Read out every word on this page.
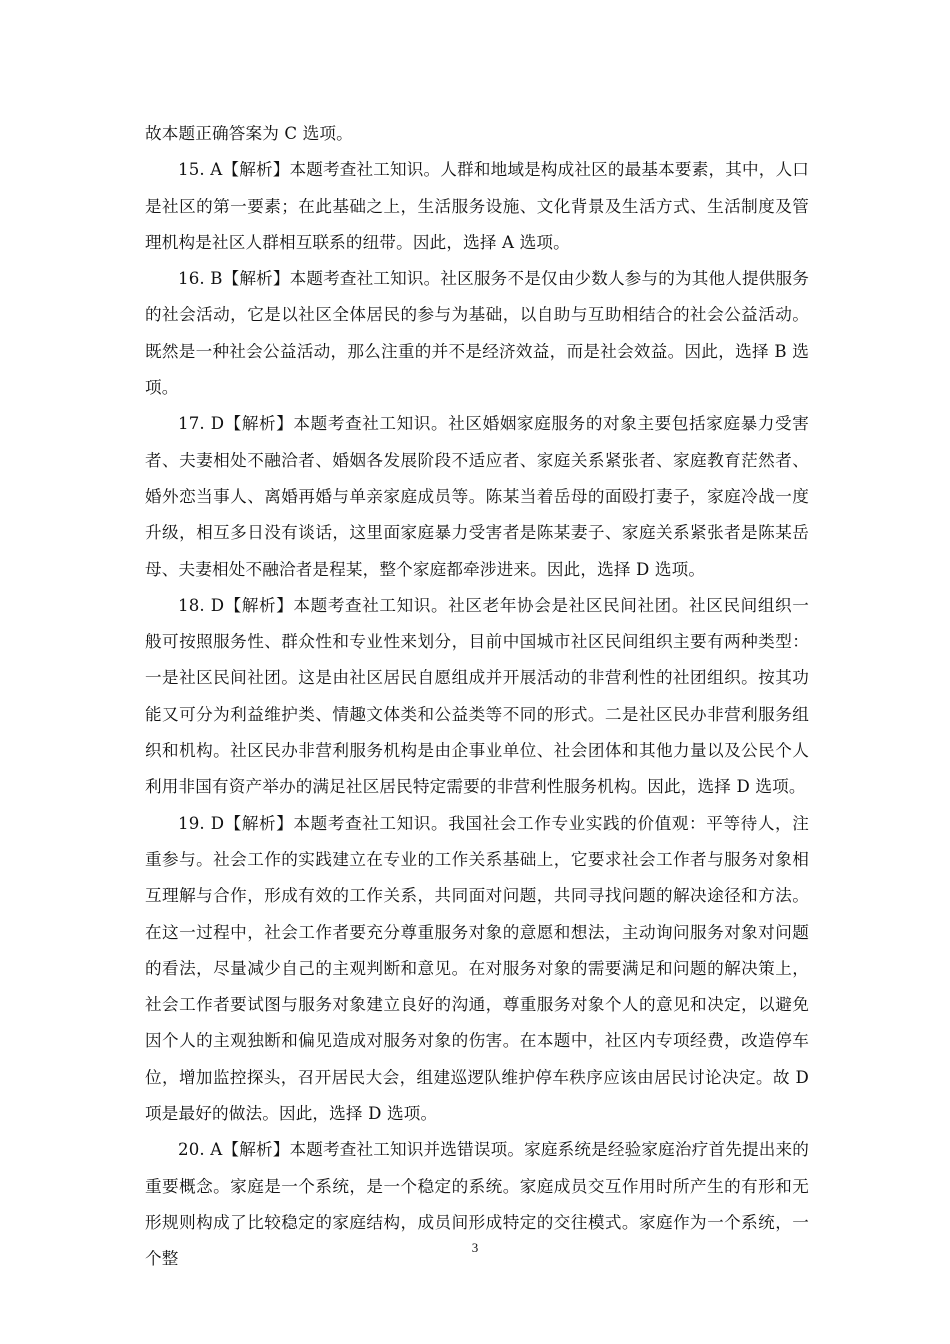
故本题正确答案为 C 选项。

15. A【解析】本题考查社工知识。人群和地域是构成社区的最基本要素，其中，人口是社区的第一要素；在此基础之上，生活服务设施、文化背景及生活方式、生活制度及管理机构是社区人群相互联系的纽带。因此，选择 A 选项。

16. B【解析】本题考查社工知识。社区服务不是仅由少数人参与的为其他人提供服务的社会活动，它是以社区全体居民的参与为基础，以自助与互助相结合的社会公益活动。既然是一种社会公益活动，那么注重的并不是经济效益，而是社会效益。因此，选择 B 选项。

17. D【解析】本题考查社工知识。社区婚姻家庭服务的对象主要包括家庭暴力受害者、夫妻相处不融洽者、婚姻各发展阶段不适应者、家庭关系紧张者、家庭教育茫然者、婚外恋当事人、离婚再婚与单亲家庭成员等。陈某当着岳母的面殴打妻子，家庭冷战一度升级，相互多日没有谈话，这里面家庭暴力受害者是陈某妻子、家庭关系紧张者是陈某岳母、夫妻相处不融洽者是程某，整个家庭都牵涉进来。因此，选择 D 选项。

18. D【解析】本题考查社工知识。社区老年协会是社区民间社团。社区民间组织一般可按照服务性、群众性和专业性来划分，目前中国城市社区民间组织主要有两种类型：一是社区民间社团。这是由社区居民自愿组成并开展活动的非营利性的社团组织。按其功能又可分为利益维护类、情趣文体类和公益类等不同的形式。二是社区民办非营利服务组织和机构。社区民办非营利服务机构是由企事业单位、社会团体和其他力量以及公民个人利用非国有资产举办的满足社区居民特定需要的非营利性服务机构。因此，选择 D 选项。

19. D【解析】本题考查社工知识。我国社会工作专业实践的价值观：平等待人，注重参与。社会工作的实践建立在专业的工作关系基础上，它要求社会工作者与服务对象相互理解与合作，形成有效的工作关系，共同面对问题，共同寻找问题的解决途径和方法。在这一过程中，社会工作者要充分尊重服务对象的意愿和想法，主动询问服务对象对问题的看法，尽量减少自己的主观判断和意见。在对服务对象的需要满足和问题的解决策上，社会工作者要试图与服务对象建立良好的沟通，尊重服务对象个人的意见和决定，以避免因个人的主观独断和偏见造成对服务对象的伤害。在本题中，社区内专项经费，改造停车位，增加监控探头，召开居民大会，组建巡逻队维护停车秩序应该由居民讨论决定。故 D 项是最好的做法。因此，选择 D 选项。

20. A【解析】本题考查社工知识并选错误项。家庭系统是经验家庭治疗首先提出来的重要概念。家庭是一个系统，是一个稳定的系统。家庭成员交互作用时所产生的有形和无形规则构成了比较稳定的家庭结构，成员间形成特定的交往模式。家庭作为一个系统，一个整

3
